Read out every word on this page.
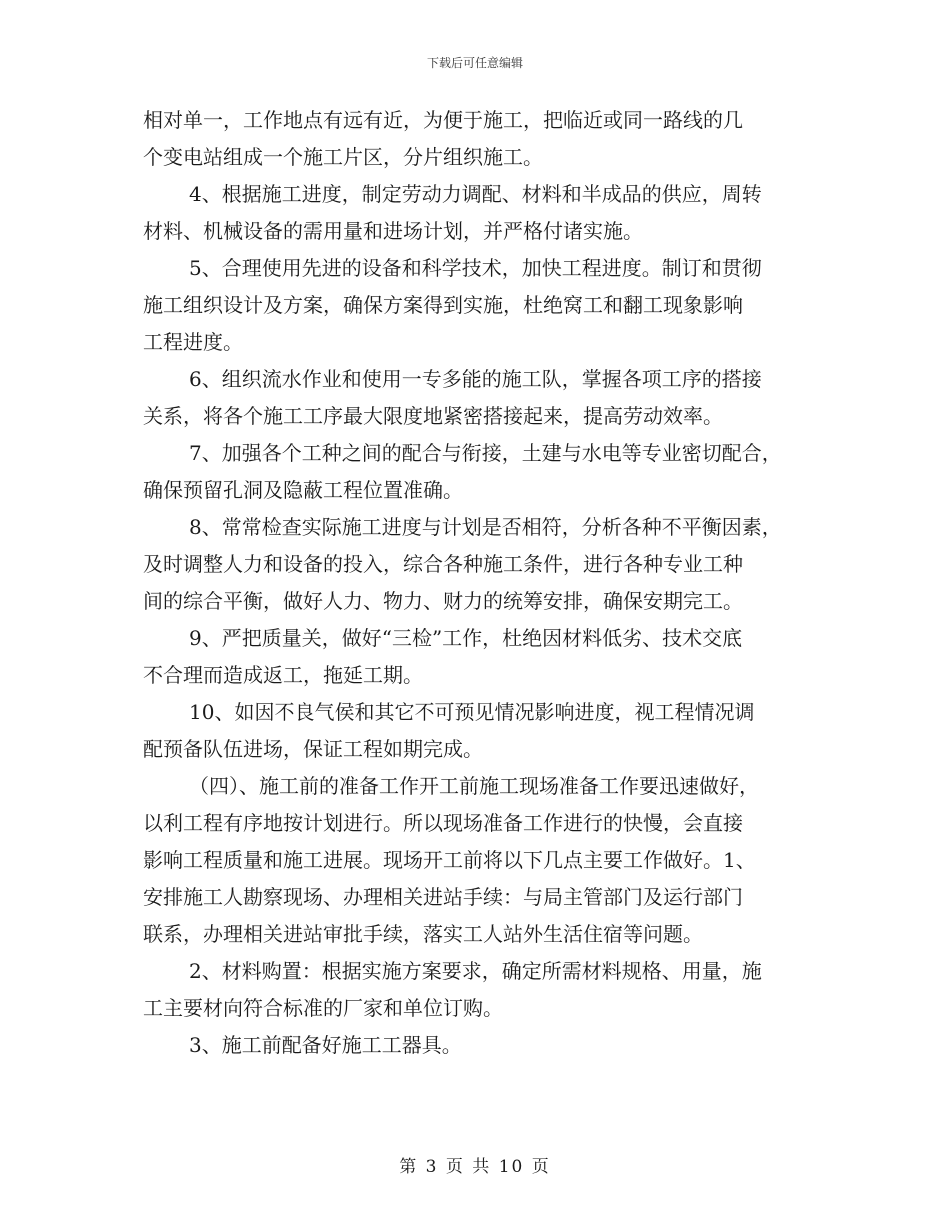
下载后可任意编辑
相对单一，工作地点有远有近，为便于施工，把临近或同一路线的几
个变电站组成一个施工片区，分片组织施工。
4、根据施工进度，制定劳动力调配、材料和半成品的供应，周转
材料、机械设备的需用量和进场计划，并严格付诸实施。
5、合理使用先进的设备和科学技术，加快工程进度。制订和贯彻
施工组织设计及方案，确保方案得到实施，杜绝窝工和翻工现象影响
工程进度。
6、组织流水作业和使用一专多能的施工队，掌握各项工序的搭接
关系，将各个施工工序最大限度地紧密搭接起来，提高劳动效率。
7、加强各个工种之间的配合与衔接，土建与水电等专业密切配合，
确保预留孔洞及隐蔽工程位置准确。
8、常常检查实际施工进度与计划是否相符，分析各种不平衡因素，
及时调整人力和设备的投入，综合各种施工条件，进行各种专业工种
间的综合平衡，做好人力、物力、财力的统筹安排，确保安期完工。
9、严把质量关，做好“三检”工作，杜绝因材料低劣、技术交底
不合理而造成返工，拖延工期。
10、如因不良气侯和其它不可预见情况影响进度，视工程情况调
配预备队伍进场，保证工程如期完成。
（四）、施工前的准备工作开工前施工现场准备工作要迅速做好，
以利工程有序地按计划进行。所以现场准备工作进行的快慢，会直接
影响工程质量和施工进展。现场开工前将以下几点主要工作做好。1、
安排施工人勘察现场、办理相关进站手续：与局主管部门及运行部门
联系，办理相关进站审批手续，落实工人站外生活住宿等问题。
2、材料购置：根据实施方案要求，确定所需材料规格、用量，施
工主要材向符合标准的厂家和单位订购。
3、施工前配备好施工工器具。
第 3 页 共 10 页
